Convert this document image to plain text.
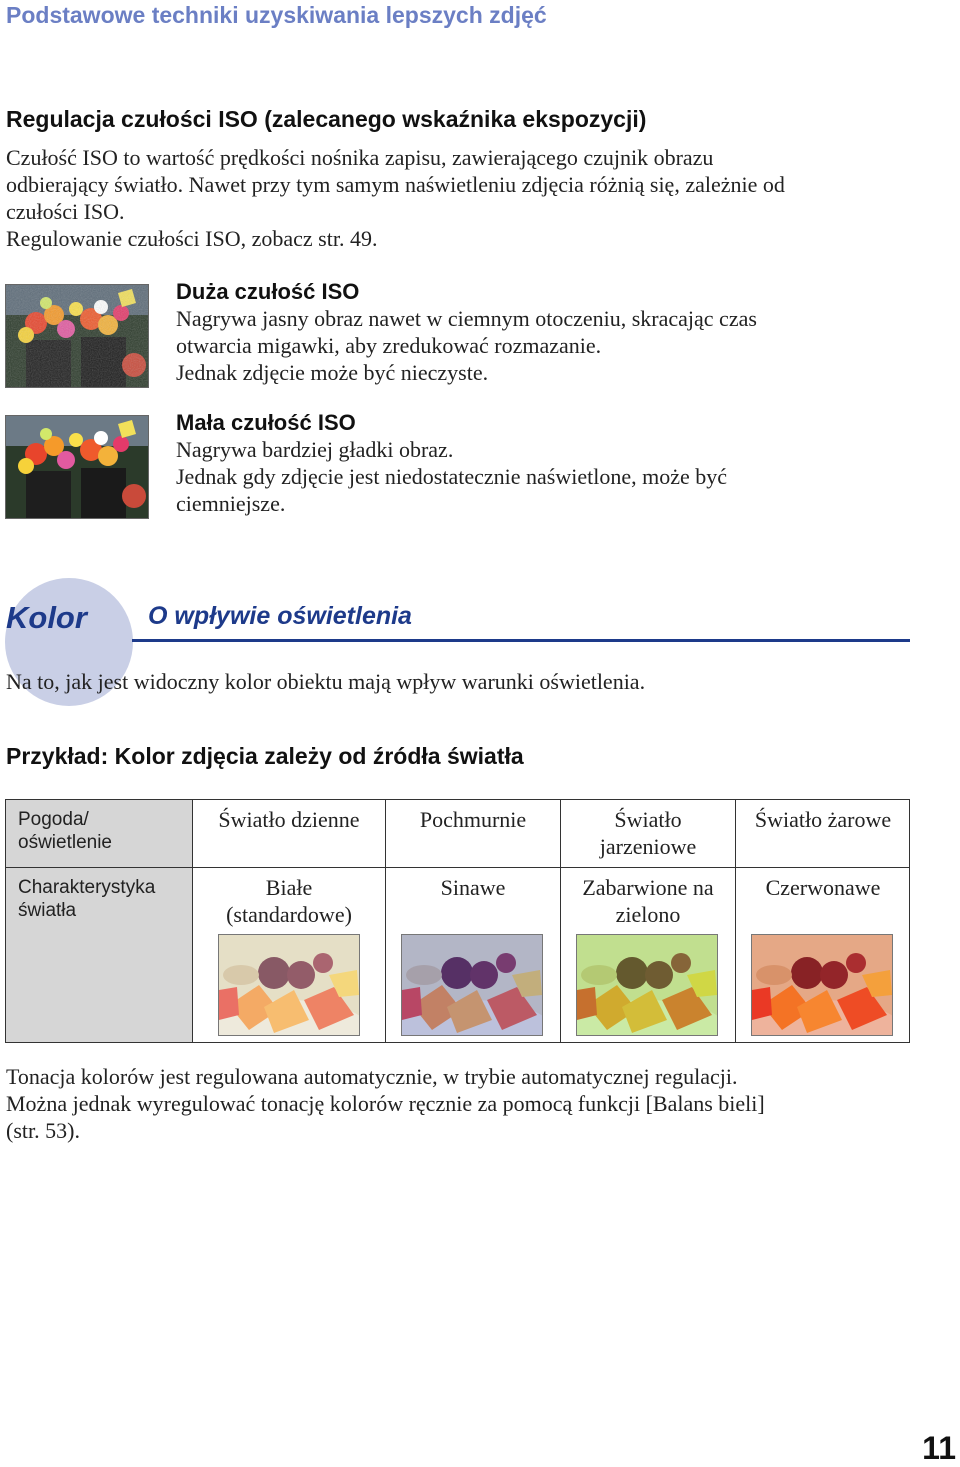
Podstawowe techniki uzyskiwania lepszych zdjęć
Regulacja czułości ISO (zalecanego wskaźnika ekspozycji)
Czułość ISO to wartość prędkości nośnika zapisu, zawierającego czujnik obrazu
odbierający światło. Nawet przy tym samym naświetleniu zdjęcia różnią się, zależnie od
czułości ISO.
Regulowanie czułości ISO, zobacz str. 49.
Duża czułość ISO
Nagrywa jasny obraz nawet w ciemnym otoczeniu, skracając czas
otwarcia migawki, aby zredukować rozmazanie.
Jednak zdjęcie może być nieczyste.
Mała czułość ISO
Nagrywa bardziej gładki obraz.
Jednak gdy zdjęcie jest niedostatecznie naświetlone, może być
ciemniejsze.
Kolor O wpływie oświetlenia
Na to, jak jest widoczny kolor obiektu mają wpływ warunki oświetlenia.
Przykład: Kolor zdjęcia zależy od źródła światła
Pogoda/
oświetlenie
Charakterystyka
światła
Światło dzienne
Białe
(standardowe)
Pochmurnie
Sinawe
Światło
jarzeniowe
Zabarwione na
zielono
Światło żarowe
Czerwonawe
Tonacja kolorów jest regulowana automatycznie, w trybie automatycznej regulacji.
Można jednak wyregulować tonację kolorów ręcznie za pomocą funkcji [Balans bieli]
(str. 53).
11
